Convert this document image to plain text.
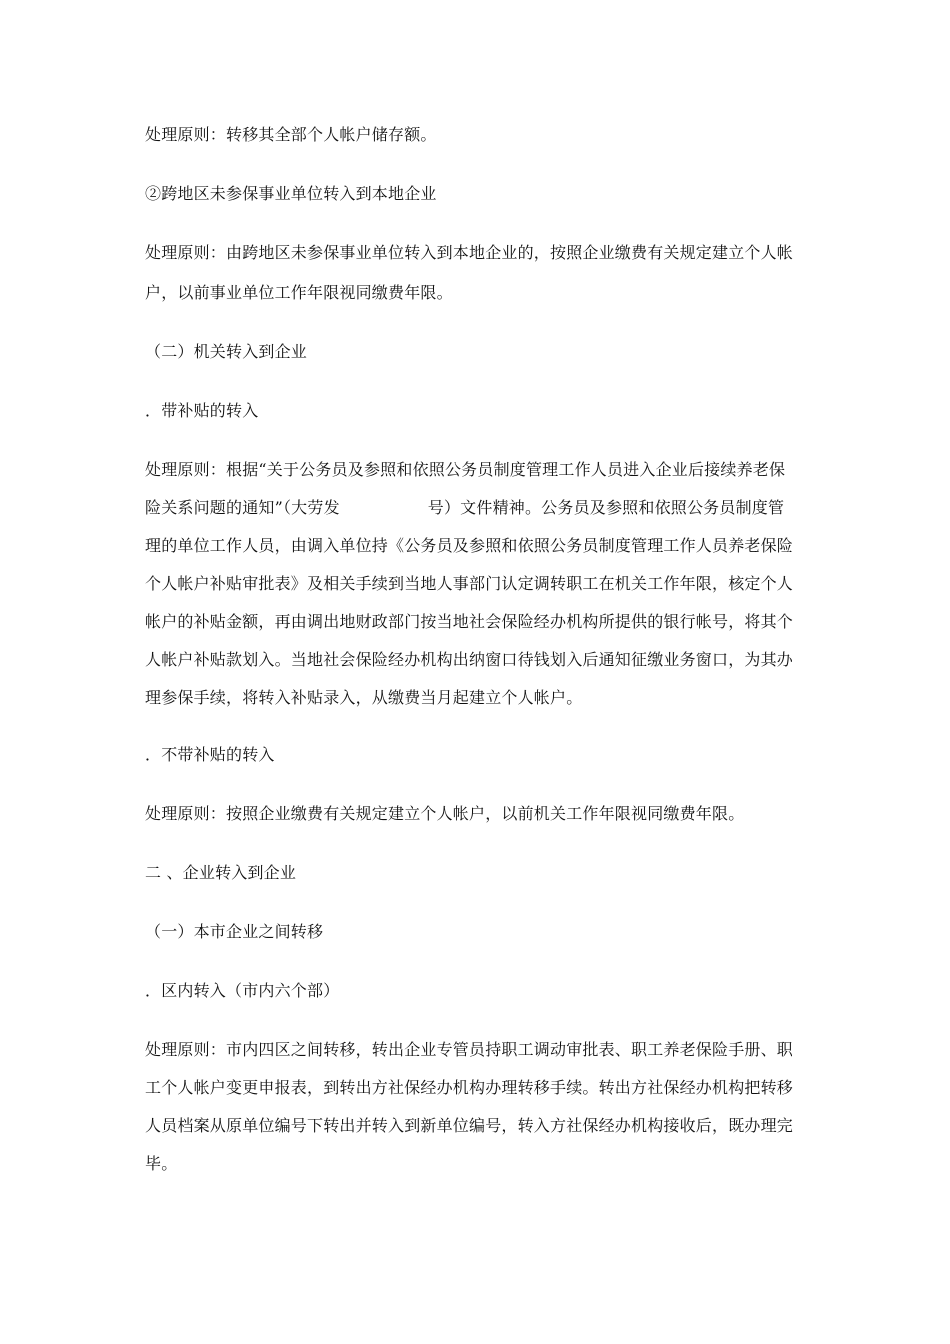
处理原则：转移其全部个人帐户储存额。
②跨地区未参保事业单位转入到本地企业
处理原则：由跨地区未参保事业单位转入到本地企业的，按照企业缴费有关规定建立个人帐
户，以前事业单位工作年限视同缴费年限。
（二）机关转入到企业
．带补贴的转入
处理原则：根据“关于公务员及参照和依照公务员制度管理工作人员进入企业后接续养老保
险关系问题的通知”（大劳发	号）文件精神。公务员及参照和依照公务员制度管
理的单位工作人员，由调入单位持《公务员及参照和依照公务员制度管理工作人员养老保险
个人帐户补贴审批表》及相关手续到当地人事部门认定调转职工在机关工作年限，核定个人
帐户的补贴金额，再由调出地财政部门按当地社会保险经办机构所提供的银行帐号，将其个
人帐户补贴款划入。当地社会保险经办机构出纳窗口待钱划入后通知征缴业务窗口，为其办
理参保手续，将转入补贴录入，从缴费当月起建立个人帐户。
．不带补贴的转入
处理原则：按照企业缴费有关规定建立个人帐户，以前机关工作年限视同缴费年限。
二 、企业转入到企业
（一）本市企业之间转移
．区内转入（市内六个部）
处理原则：市内四区之间转移，转出企业专管员持职工调动审批表、职工养老保险手册、职
工个人帐户变更申报表，到转出方社保经办机构办理转移手续。转出方社保经办机构把转移
人员档案从原单位编号下转出并转入到新单位编号，转入方社保经办机构接收后，既办理完
毕。
